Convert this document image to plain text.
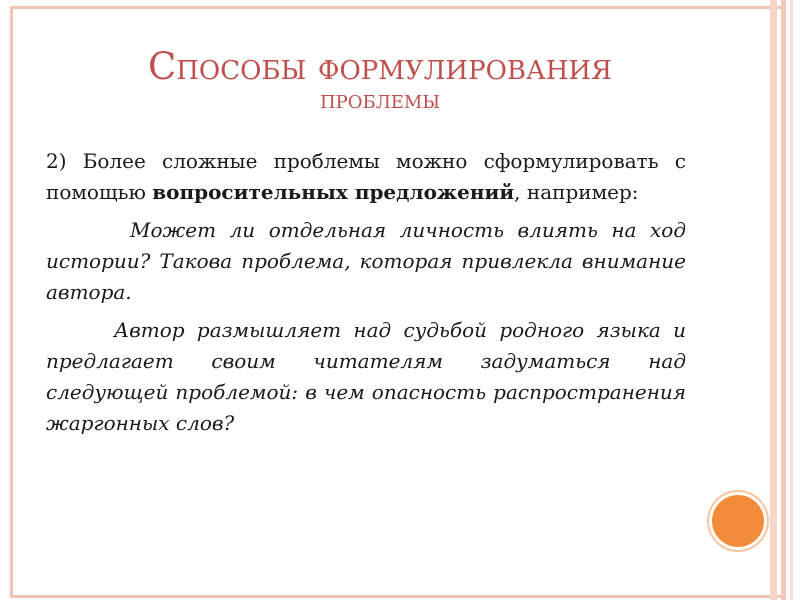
Способы формулирования
проблемы

2) Более сложные проблемы можно сформулировать с помощью вопросительных предложений, например:

Может ли отдельная личность влиять на ход истории? Такова проблема, которая привлекла внимание автора.

Автор размышляет над судьбой родного языка и предлагает своим читателям задуматься над следующей проблемой: в чем опасность распространения жаргонных слов?
